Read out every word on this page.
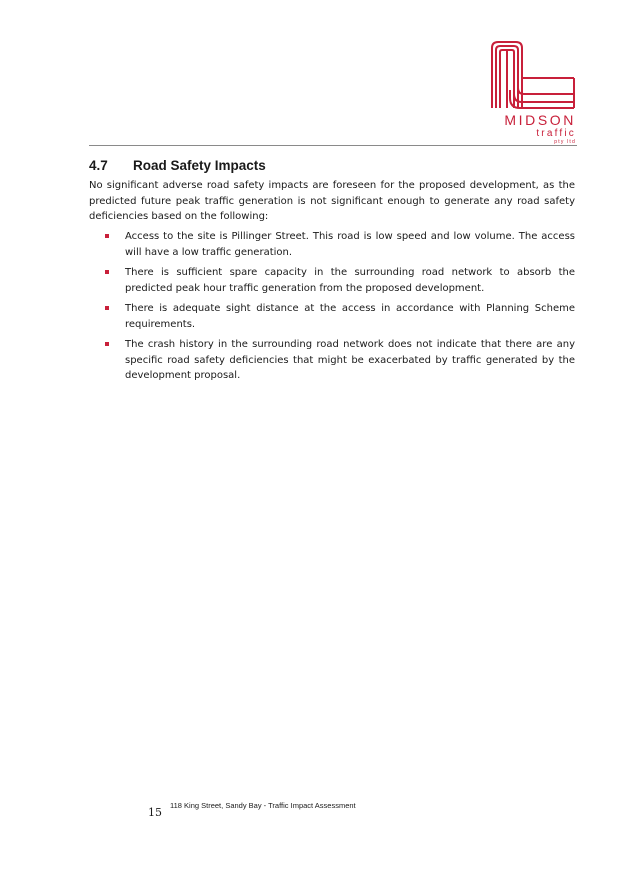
MIDSON
traffic
pty ltd
4.7 Road Safety Impacts

No significant adverse road safety impacts are foreseen for the proposed development, as the predicted future peak traffic generation is not significant enough to generate any road safety deficiencies based on the following:

Access to the site is Pillinger Street. This road is low speed and low volume. The access will have a low traffic generation.
There is sufficient spare capacity in the surrounding road network to absorb the predicted peak hour traffic generation from the proposed development.
There is adequate sight distance at the access in accordance with Planning Scheme requirements.
The crash history in the surrounding road network does not indicate that there are any specific road safety deficiencies that might be exacerbated by traffic generated by the development proposal.
15
118 King Street, Sandy Bay - Traffic Impact Assessment
